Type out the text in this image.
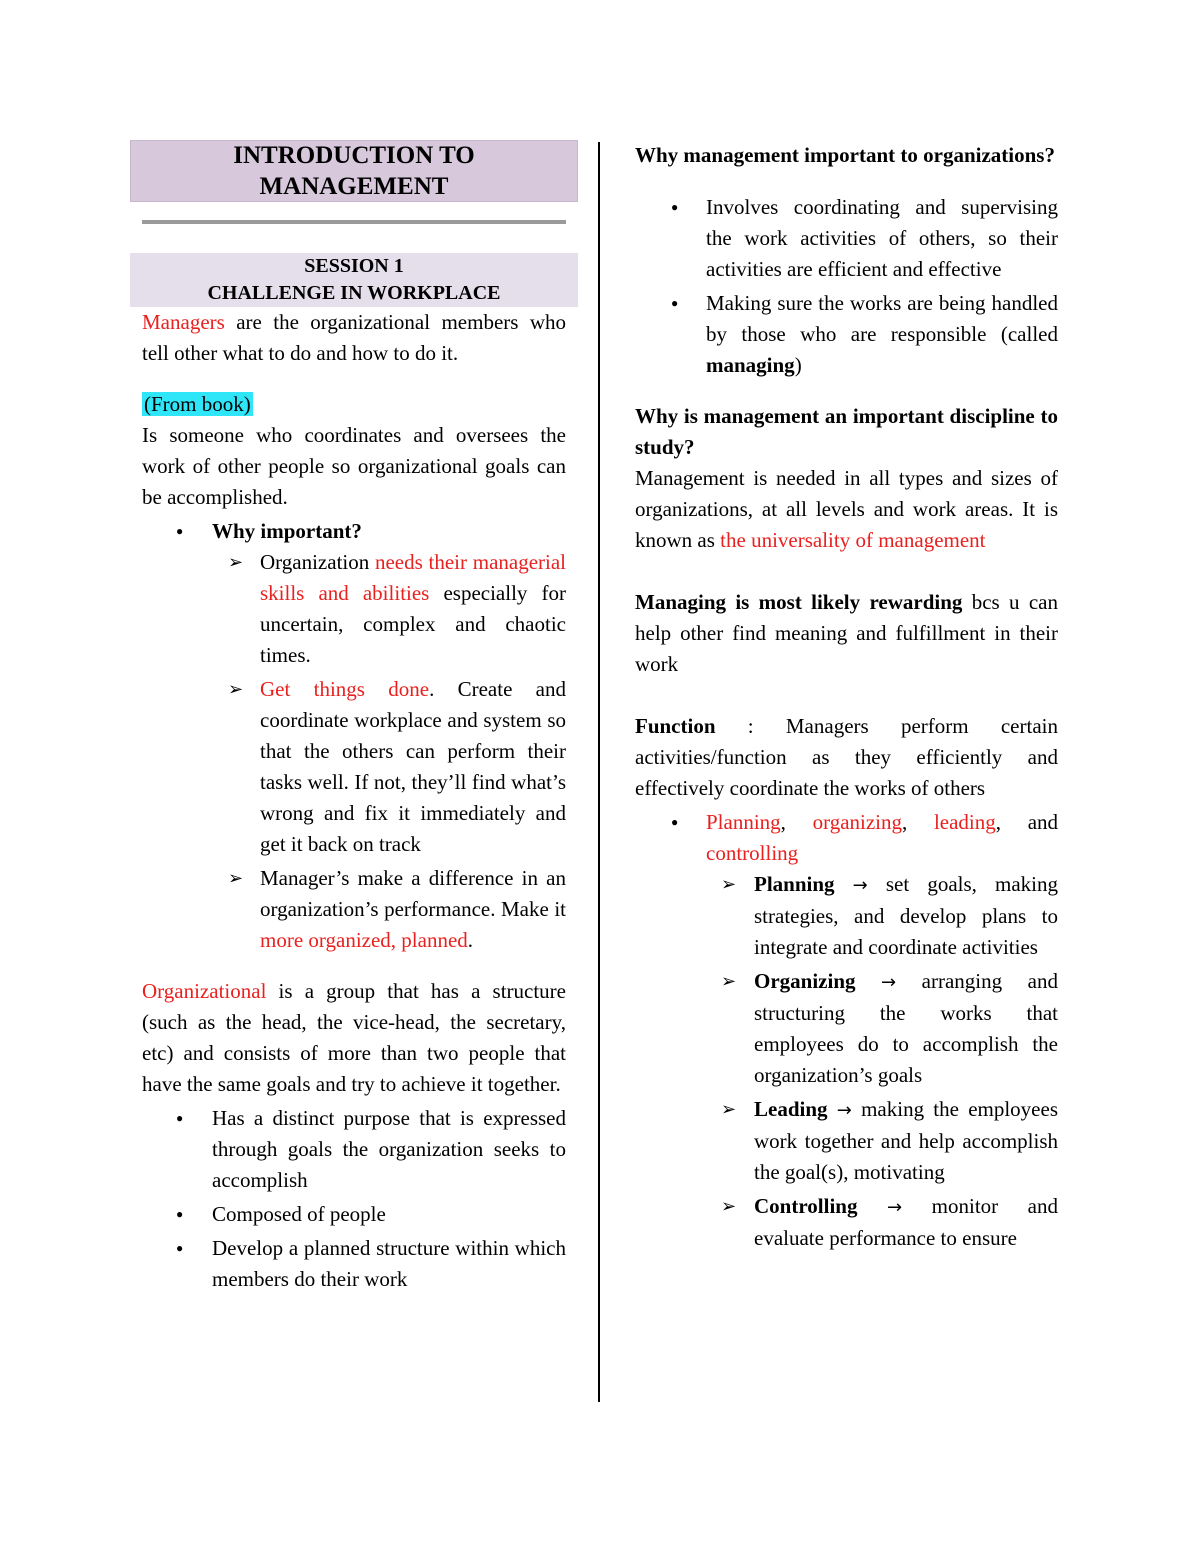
INTRODUCTION TO
MANAGEMENT
SESSION 1
CHALLENGE IN WORKPLACE

Managers are the organizational members who tell other what to do and how to do it.

(From book)

Is someone who coordinates and oversees the work of other people so organizational goals can be accomplished.

● Why important?
➢ Organization needs their managerial skills and abilities especially for uncertain, complex and chaotic times.
➢ Get things done. Create and coordinate workplace and system so that the others can perform their tasks well. If not, they’ll find what’s wrong and fix it immediately and get it back on track
➢ Manager’s make a difference in an organization’s performance. Make it more organized, planned.

Organizational is a group that has a structure (such as the head, the vice-head, the secretary, etc) and consists of more than two people that have the same goals and try to achieve it together.

● Has a distinct purpose that is expressed through goals the organization seeks to accomplish
● Composed of people
● Develop a planned structure within which members do their work

Why management important to organizations?

● Involves coordinating and supervising the work activities of others, so their activities are efficient and effective
● Making sure the works are being handled by those who are responsible (called managing)

Why is management an important discipline to study?

Management is needed in all types and sizes of organizations, at all levels and work areas. It is known as the universality of management

Managing is most likely rewarding bcs u can help other find meaning and fulfillment in their work

Function : Managers perform certain activities/function as they efficiently and effectively coordinate the works of others

● Planning, organizing, leading, and controlling
➢ Planning → set goals, making strategies, and develop plans to integrate and coordinate activities
➢ Organizing → arranging and structuring the works that employees do to accomplish the organization’s goals
➢ Leading → making the employees work together and help accomplish the goal(s), motivating
➢ Controlling → monitor and evaluate performance to ensure
